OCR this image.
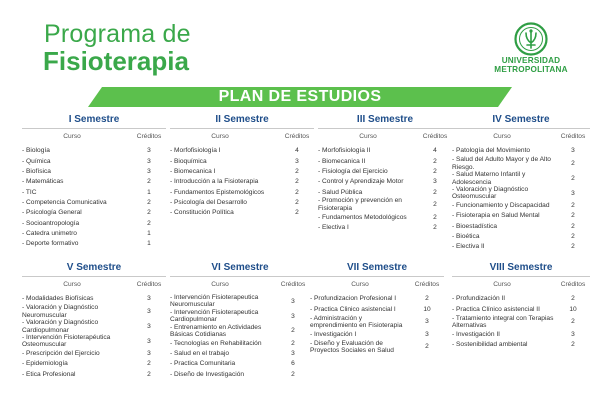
Programa de
Fisioterapia	UNIVERSIDAD
METROPOLITANA
PLAN DE ESTUDIOS
I Semestre
Curso	Créditos
- Biología	3
- Química	3
- Biofísica	3
- Matemáticas	2
- TIC	1
- Competencia Comunicativa	2
- Psicología General	2
- Socioantropología	2
- Catedra unimetro	1
- Deporte formativo	1
II Semestre
Curso	Créditos
- Morfofisiología I	4
- Bioquímica	3
- Biomecanica I	2
- Introducción a la Fisioterapia	2
- Fundamentos Epistemológicos	2
- Psicología del Desarrollo	2
- Constitución Política	2
III Semestre
Curso	Créditos
- Morfofisiología II	4
- Biomecanica II	2
- Fisiología del Ejercicio	2
- Control y Aprendizaje Motor	3
- Salud Pública	2
- Promoción y prevención en Fisioterapia
2
- Fundamentos Metodológicos	2
- Electiva I	2
IV Semestre
Curso	Créditos
- Patología del Movimiento	3
- Salud del Adulto Mayor y de Alto Riesgo.
2
- Salud Materno Infantil y Adolescencia
2
- Valoración y Diagnóstico Osteomuscular
3
- Funcionamiento y Discapacidad	2
- Fisioterapia en Salud Mental	2
- Bioestadística	2
- Bioética	2
- Electiva II	2
V Semestre
Curso	Créditos
- Modalidades Biofísicas	3
- Valoración y Diagnóstico Neuromuscular
3
- Valoración y Diagnóstico Cardiopulmonar
3
- Intervención Fisioterapéutica Osteomuscular
3
- Prescripción del Ejercicio	3
- Epidemiología	2
- Etica Profesional	2
VI Semestre
Curso	Créditos
- Intervención Fisioterapeutica Neuromuscular
3
- Intervención Fisioterapeutica Cardiopulmonar
3
- Entrenamiento en Actividades Básicas Cotidianas
2
- Tecnologías en Rehabilitación	2
- Salud en el trabajo	3
- Practica Comunitaria	6
- Diseño de Investigación	2
VII Semestre
Curso	Créditos
- Profundizacion Profesional I	2
- Practica Clinico asistencial I	10
- Administración y emprendimiento en Fisioterapia
3
- Investigación I	3
- Diseño y Evaluación de Proyectos Sociales en Salud
2
VIII Semestre
Curso	Créditos
- Profundización II	2
- Practica Clínico asistencial II	10
- Tratamiento integral con Terapias Alternativas
2
- Investigación II	3
- Sostenibilidad ambiental	2
